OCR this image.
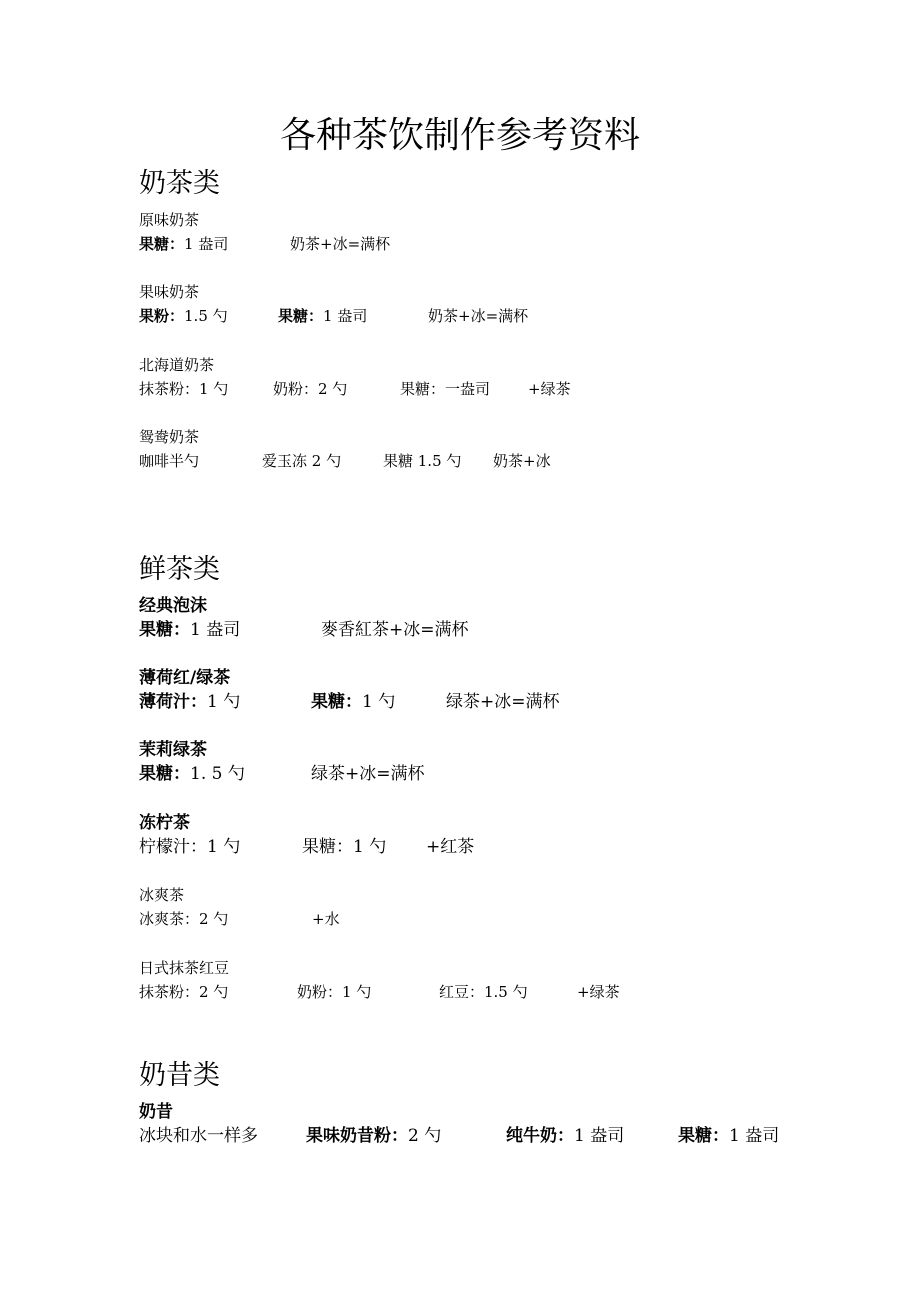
各种茶饮制作参考资料
奶茶类
原味奶茶
果糖：1 盎司	奶茶+冰=满杯
果味奶茶
果粉：1.5 勺	果糖：1 盎司	奶茶+冰=满杯
北海道奶茶
抹茶粉：1 勺	奶粉：2 勺	果糖：一盎司	+绿茶
鸳鸯奶茶
咖啡半勺	爱玉冻 2 勺	果糖 1.5 勺 奶茶+冰
鲜茶类
经典泡沫
果糖：1 盎司	麥香紅茶+冰=满杯
薄荷红/绿茶
薄荷汁：1 勺	果糖：1 勺	绿茶+冰=满杯
茉莉绿茶
果糖：1. 5 勺	绿茶+冰=满杯
冻柠茶
柠檬汁：1 勺	果糖：1 勺 +红茶
冰爽茶
冰爽茶：2 勺	+水
日式抹茶红豆
抹茶粉：2 勺	奶粉：1 勺	红豆：1.5 勺	+绿茶
奶昔类
奶昔
冰块和水一样多	果味奶昔粉：2 勺	纯牛奶：1 盎司	果糖：1 盎司
